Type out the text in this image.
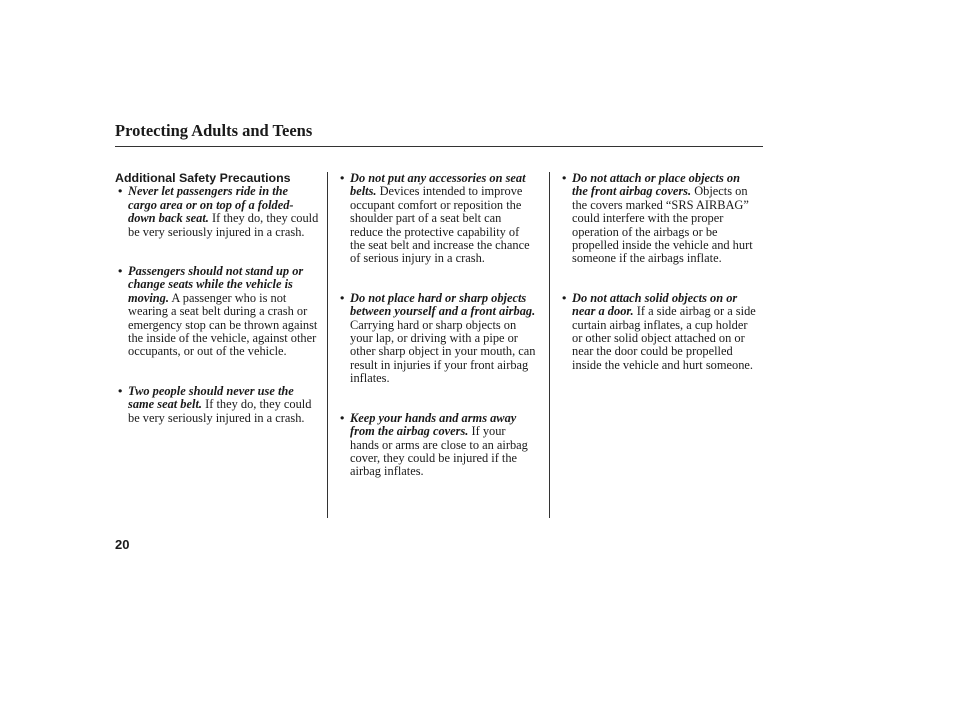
Protecting Adults and Teens
Additional Safety Precautions
• Never let passengers ride in the cargo area or on top of a folded-down back seat. If they do, they could be very seriously injured in a crash.
• Passengers should not stand up or change seats while the vehicle is moving. A passenger who is not wearing a seat belt during a crash or emergency stop can be thrown against the inside of the vehicle, against other occupants, or out of the vehicle.
• Two people should never use the same seat belt. If they do, they could be very seriously injured in a crash.
• Do not put any accessories on seat belts. Devices intended to improve occupant comfort or reposition the shoulder part of a seat belt can reduce the protective capability of the seat belt and increase the chance of serious injury in a crash.
• Do not place hard or sharp objects between yourself and a front airbag. Carrying hard or sharp objects on your lap, or driving with a pipe or other sharp object in your mouth, can result in injuries if your front airbag inflates.
• Keep your hands and arms away from the airbag covers. If your hands or arms are close to an airbag cover, they could be injured if the airbag inflates.
• Do not attach or place objects on the front airbag covers. Objects on the covers marked “SRS AIRBAG” could interfere with the proper operation of the airbags or be propelled inside the vehicle and hurt someone if the airbags inflate.
• Do not attach solid objects on or near a door. If a side airbag or a side curtain airbag inflates, a cup holder or other solid object attached on or near the door could be propelled inside the vehicle and hurt someone.
20
